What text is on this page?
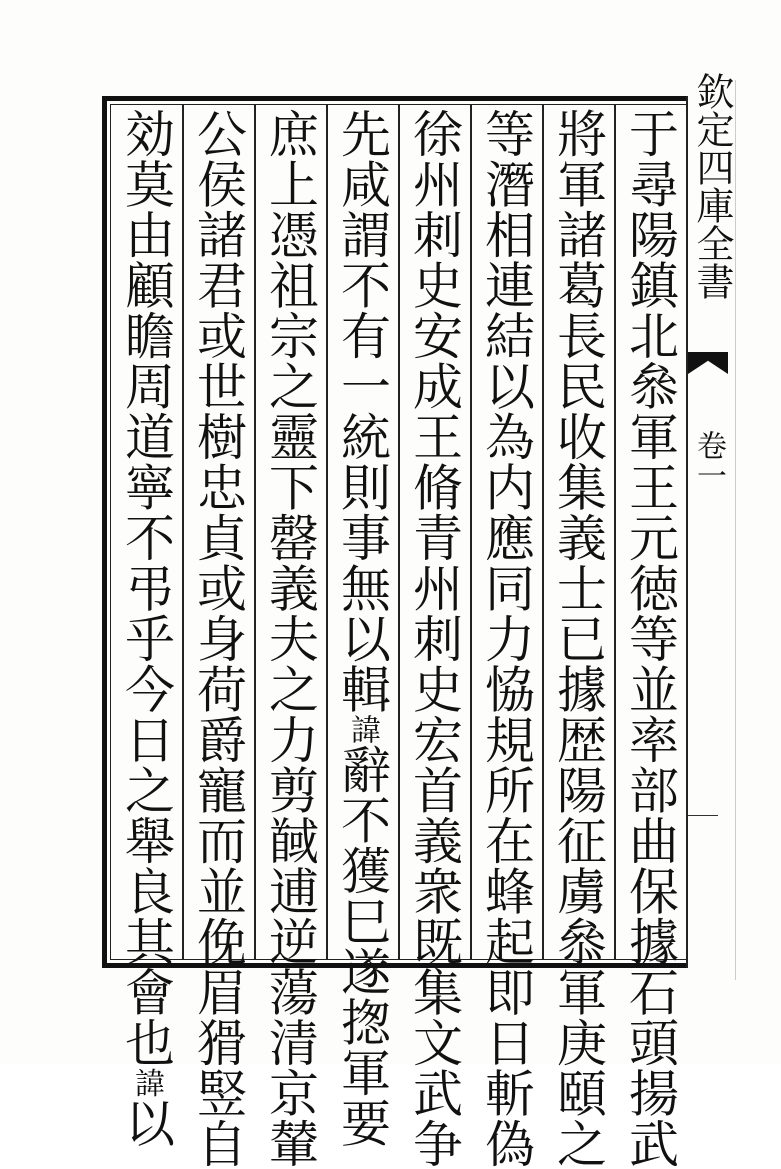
欽定四庫全書
卷一
于尋陽鎮北叅軍王元徳等並率部曲保據石頭揚武
將軍諸葛長民收集義士已據歴陽征虜叅軍庚頤之
等潛相連結以為内應同力恊規所在蜂起即日斬偽
徐州刺史安成王脩青州刺史宏首義衆既集文武争
先咸謂不有一統則事無以輯諱辭不獲巳遂揔軍要
庶上憑祖宗之靈下罄義夫之力剪馘逋逆蕩清京輦
公侯諸君或世樹忠貞或身荷爵寵而並俛眉猾竪自
効莫由顧瞻周道寧不弔乎今日之舉良其會也諱以
